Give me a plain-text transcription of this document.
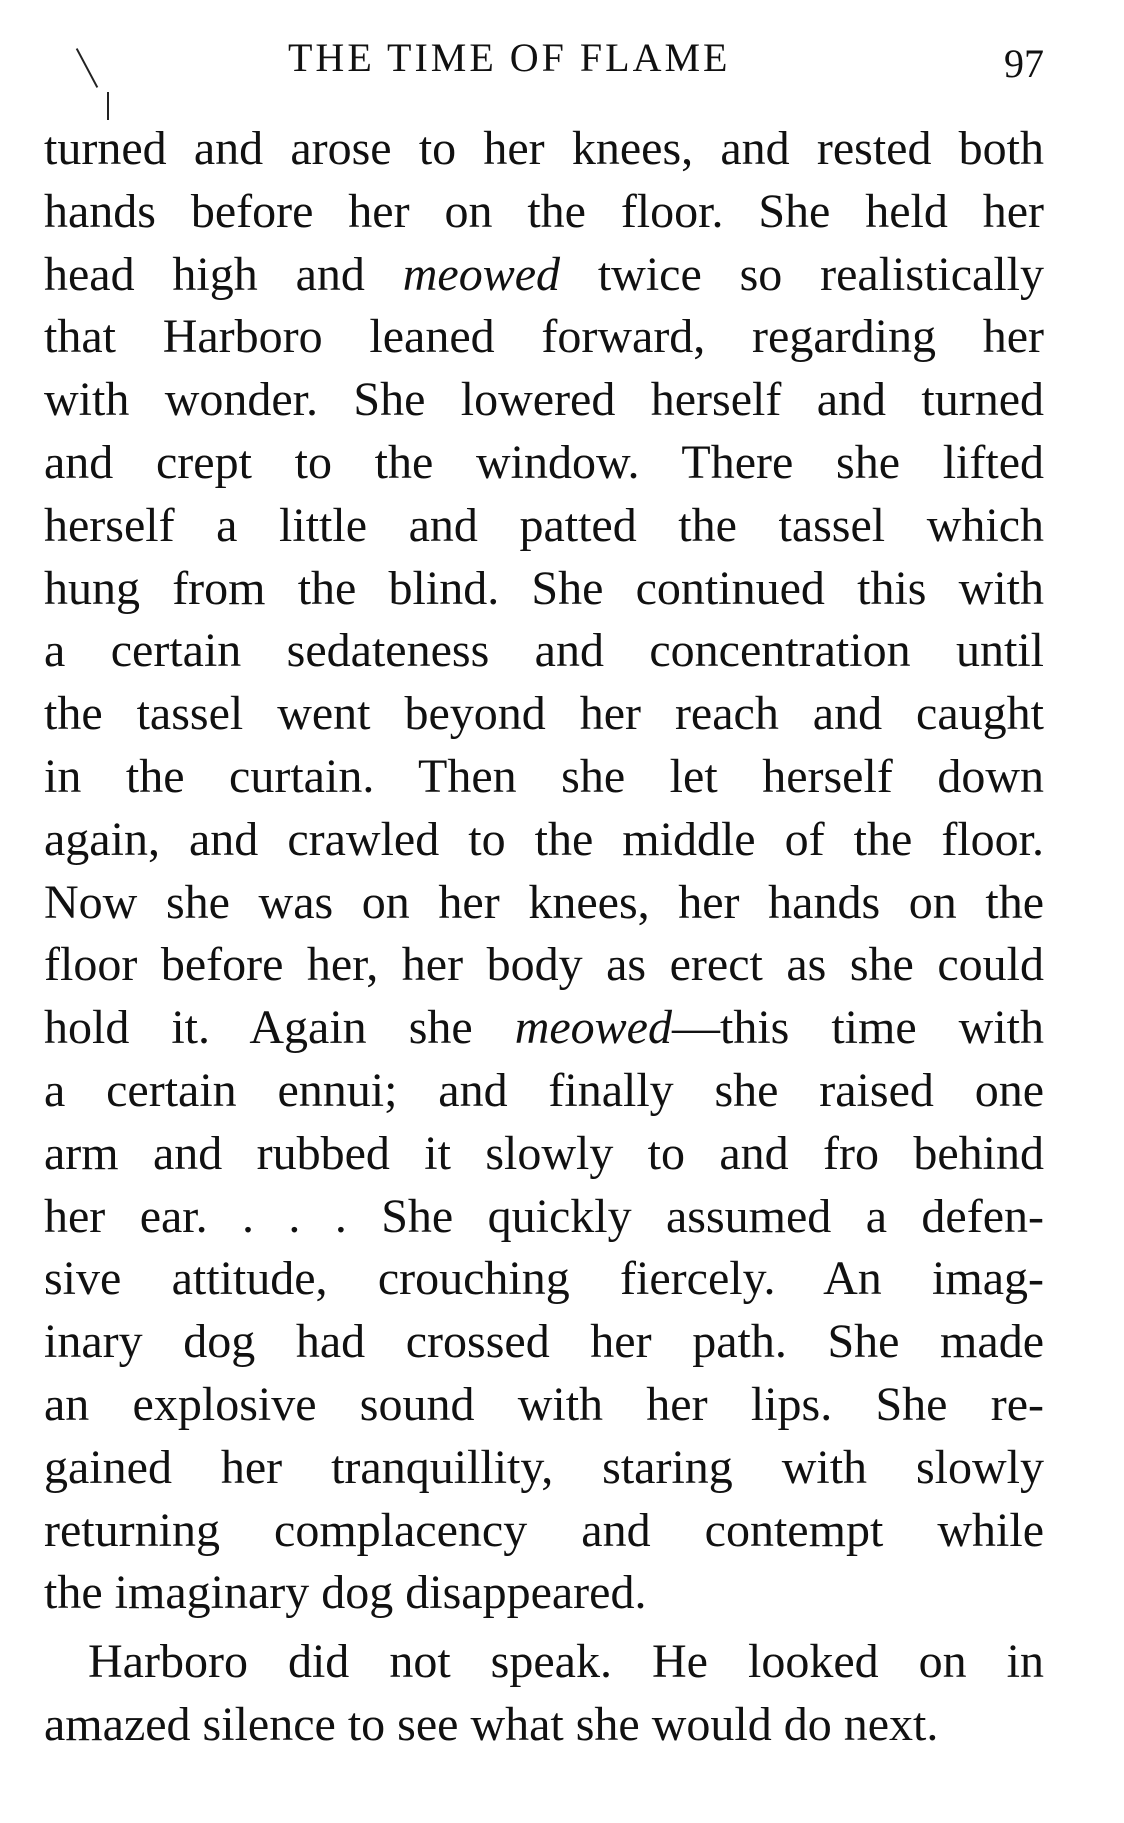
THE TIME OF FLAME	97
turned and arose to her knees, and rested both
hands before her on the floor. She held her
head high and meowed twice so realistically
that Harboro leaned forward, regarding her
with wonder. She lowered herself and turned
and crept to the window. There she lifted
herself a little and patted the tassel which
hung from the blind. She continued this with
a certain sedateness and concentration until
the tassel went beyond her reach and caught
in the curtain. Then she let herself down
again, and crawled to the middle of the floor.
Now she was on her knees, her hands on the
floor before her, her body as erect as she could
hold it. Again she meowed—this time with
a certain ennui; and finally she raised one
arm and rubbed it slowly to and fro behind
her ear. . . . She quickly assumed a defen-
sive attitude, crouching fiercely. An imag-
inary dog had crossed her path. She made
an explosive sound with her lips. She re-
gained her tranquillity, staring with slowly
returning complacency and contempt while
the imaginary dog disappeared.
Harboro did not speak. He looked on in
amazed silence to see what she would do next.
